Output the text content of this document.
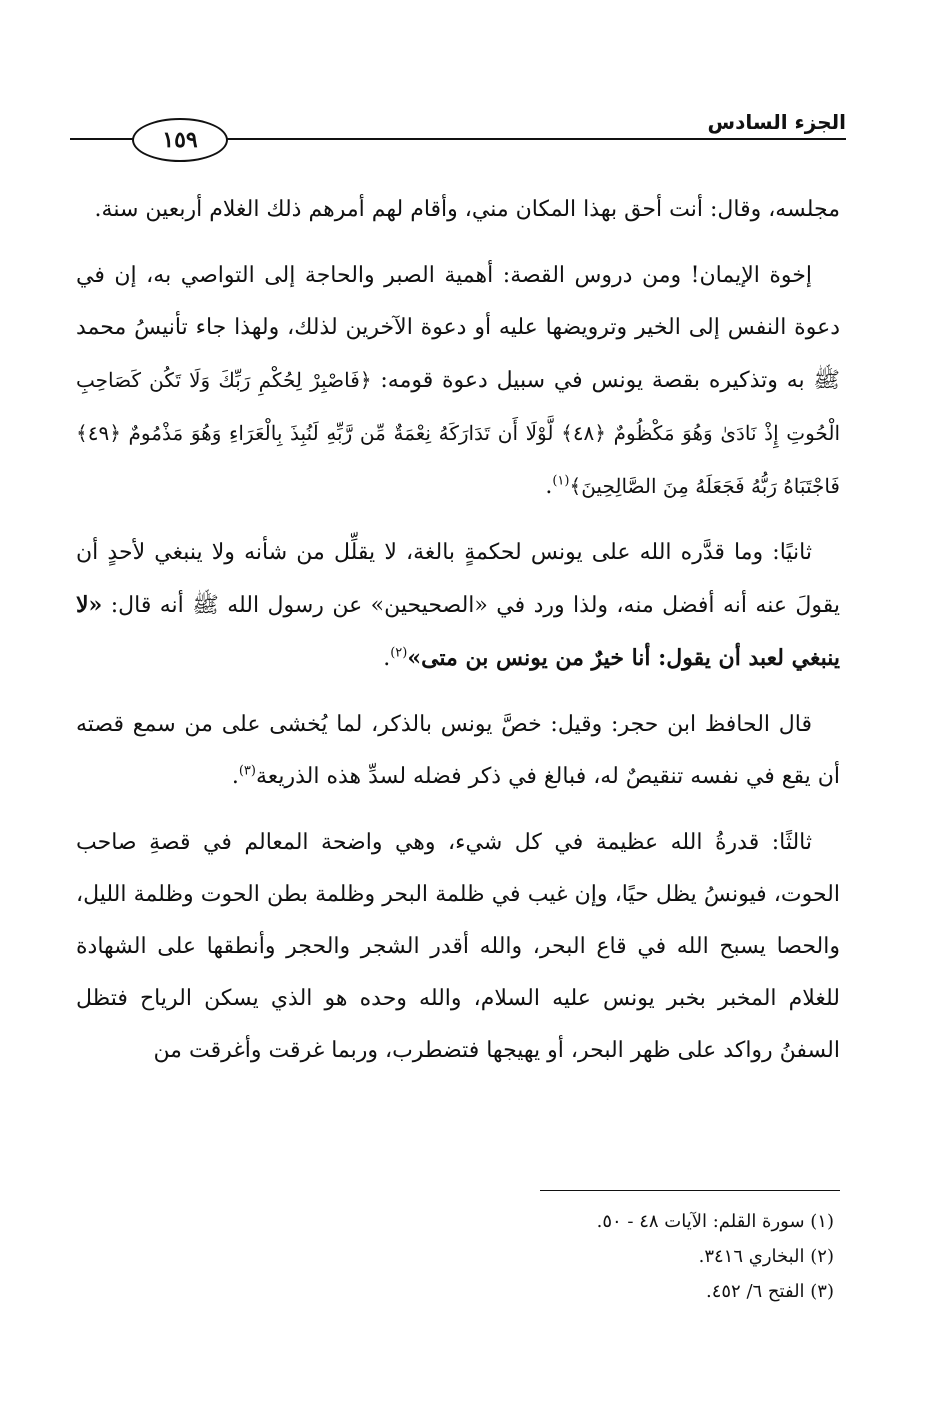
الجزء السادس
١٥٩

مجلسه، وقال: أنت أحق بهذا المكان مني، وأقام لهم أمرهم ذلك الغلام أربعين سنة.

إخوة الإيمان! ومن دروس القصة: أهمية الصبر والحاجة إلى التواصي به، إن في دعوة النفس إلى الخير وترويضها عليه أو دعوة الآخرين لذلك، ولهذا جاء تأنيسُ محمد ﷺ به وتذكيره بقصة يونس في سبيل دعوة قومه: ﴿فَاصْبِرْ لِحُكْمِ رَبِّكَ وَلَا تَكُن كَصَاحِبِ الْحُوتِ إِذْ نَادَىٰ وَهُوَ مَكْظُومٌ ﴿٤٨﴾ لَّوْلَا أَن تَدَارَكَهُ نِعْمَةٌ مِّن رَّبِّهِ لَنُبِذَ بِالْعَرَاءِ وَهُوَ مَذْمُومٌ ﴿٤٩﴾ فَاجْتَبَاهُ رَبُّهُ فَجَعَلَهُ مِنَ الصَّالِحِينَ﴾$^{(١)}$.

ثانيًا: وما قدَّره الله على يونس لحكمةٍ بالغة، لا يقلِّل من شأنه ولا ينبغي لأحدٍ أن يقولَ عنه أنه أفضل منه، ولذا ورد في «الصحيحين» عن رسول الله ﷺ أنه قال: «لا ينبغي لعبد أن يقول: أنا خيرٌ من يونس بن متى»$^{(٢)}$.

قال الحافظ ابن حجر: وقيل: خصَّ يونس بالذكر، لما يُخشى على من سمع قصته أن يقع في نفسه تنقيصٌ له، فبالغ في ذكر فضله لسدِّ هذه الذريعة$^{(٣)}$.

ثالثًا: قدرةُ الله عظيمة في كل شيء، وهي واضحة المعالم في قصةِ صاحب الحوت، فيونسُ يظل حيًا، وإن غيب في ظلمة البحر وظلمة بطن الحوت وظلمة الليل، والحصا يسبح الله في قاع البحر، والله أقدر الشجر والحجر وأنطقها على الشهادة للغلام المخبر بخبر يونس عليه السلام، والله وحده هو الذي يسكن الرياح فتظل السفنُ رواكد على ظهر البحر، أو يهيجها فتضطرب، وربما غرقت وأغرقت من

(١) سورة القلم: الآيات ٤٨ - ٥٠.
(٢) البخاري ٣٤١٦.
(٣) الفتح ٦/ ٤٥٢.
